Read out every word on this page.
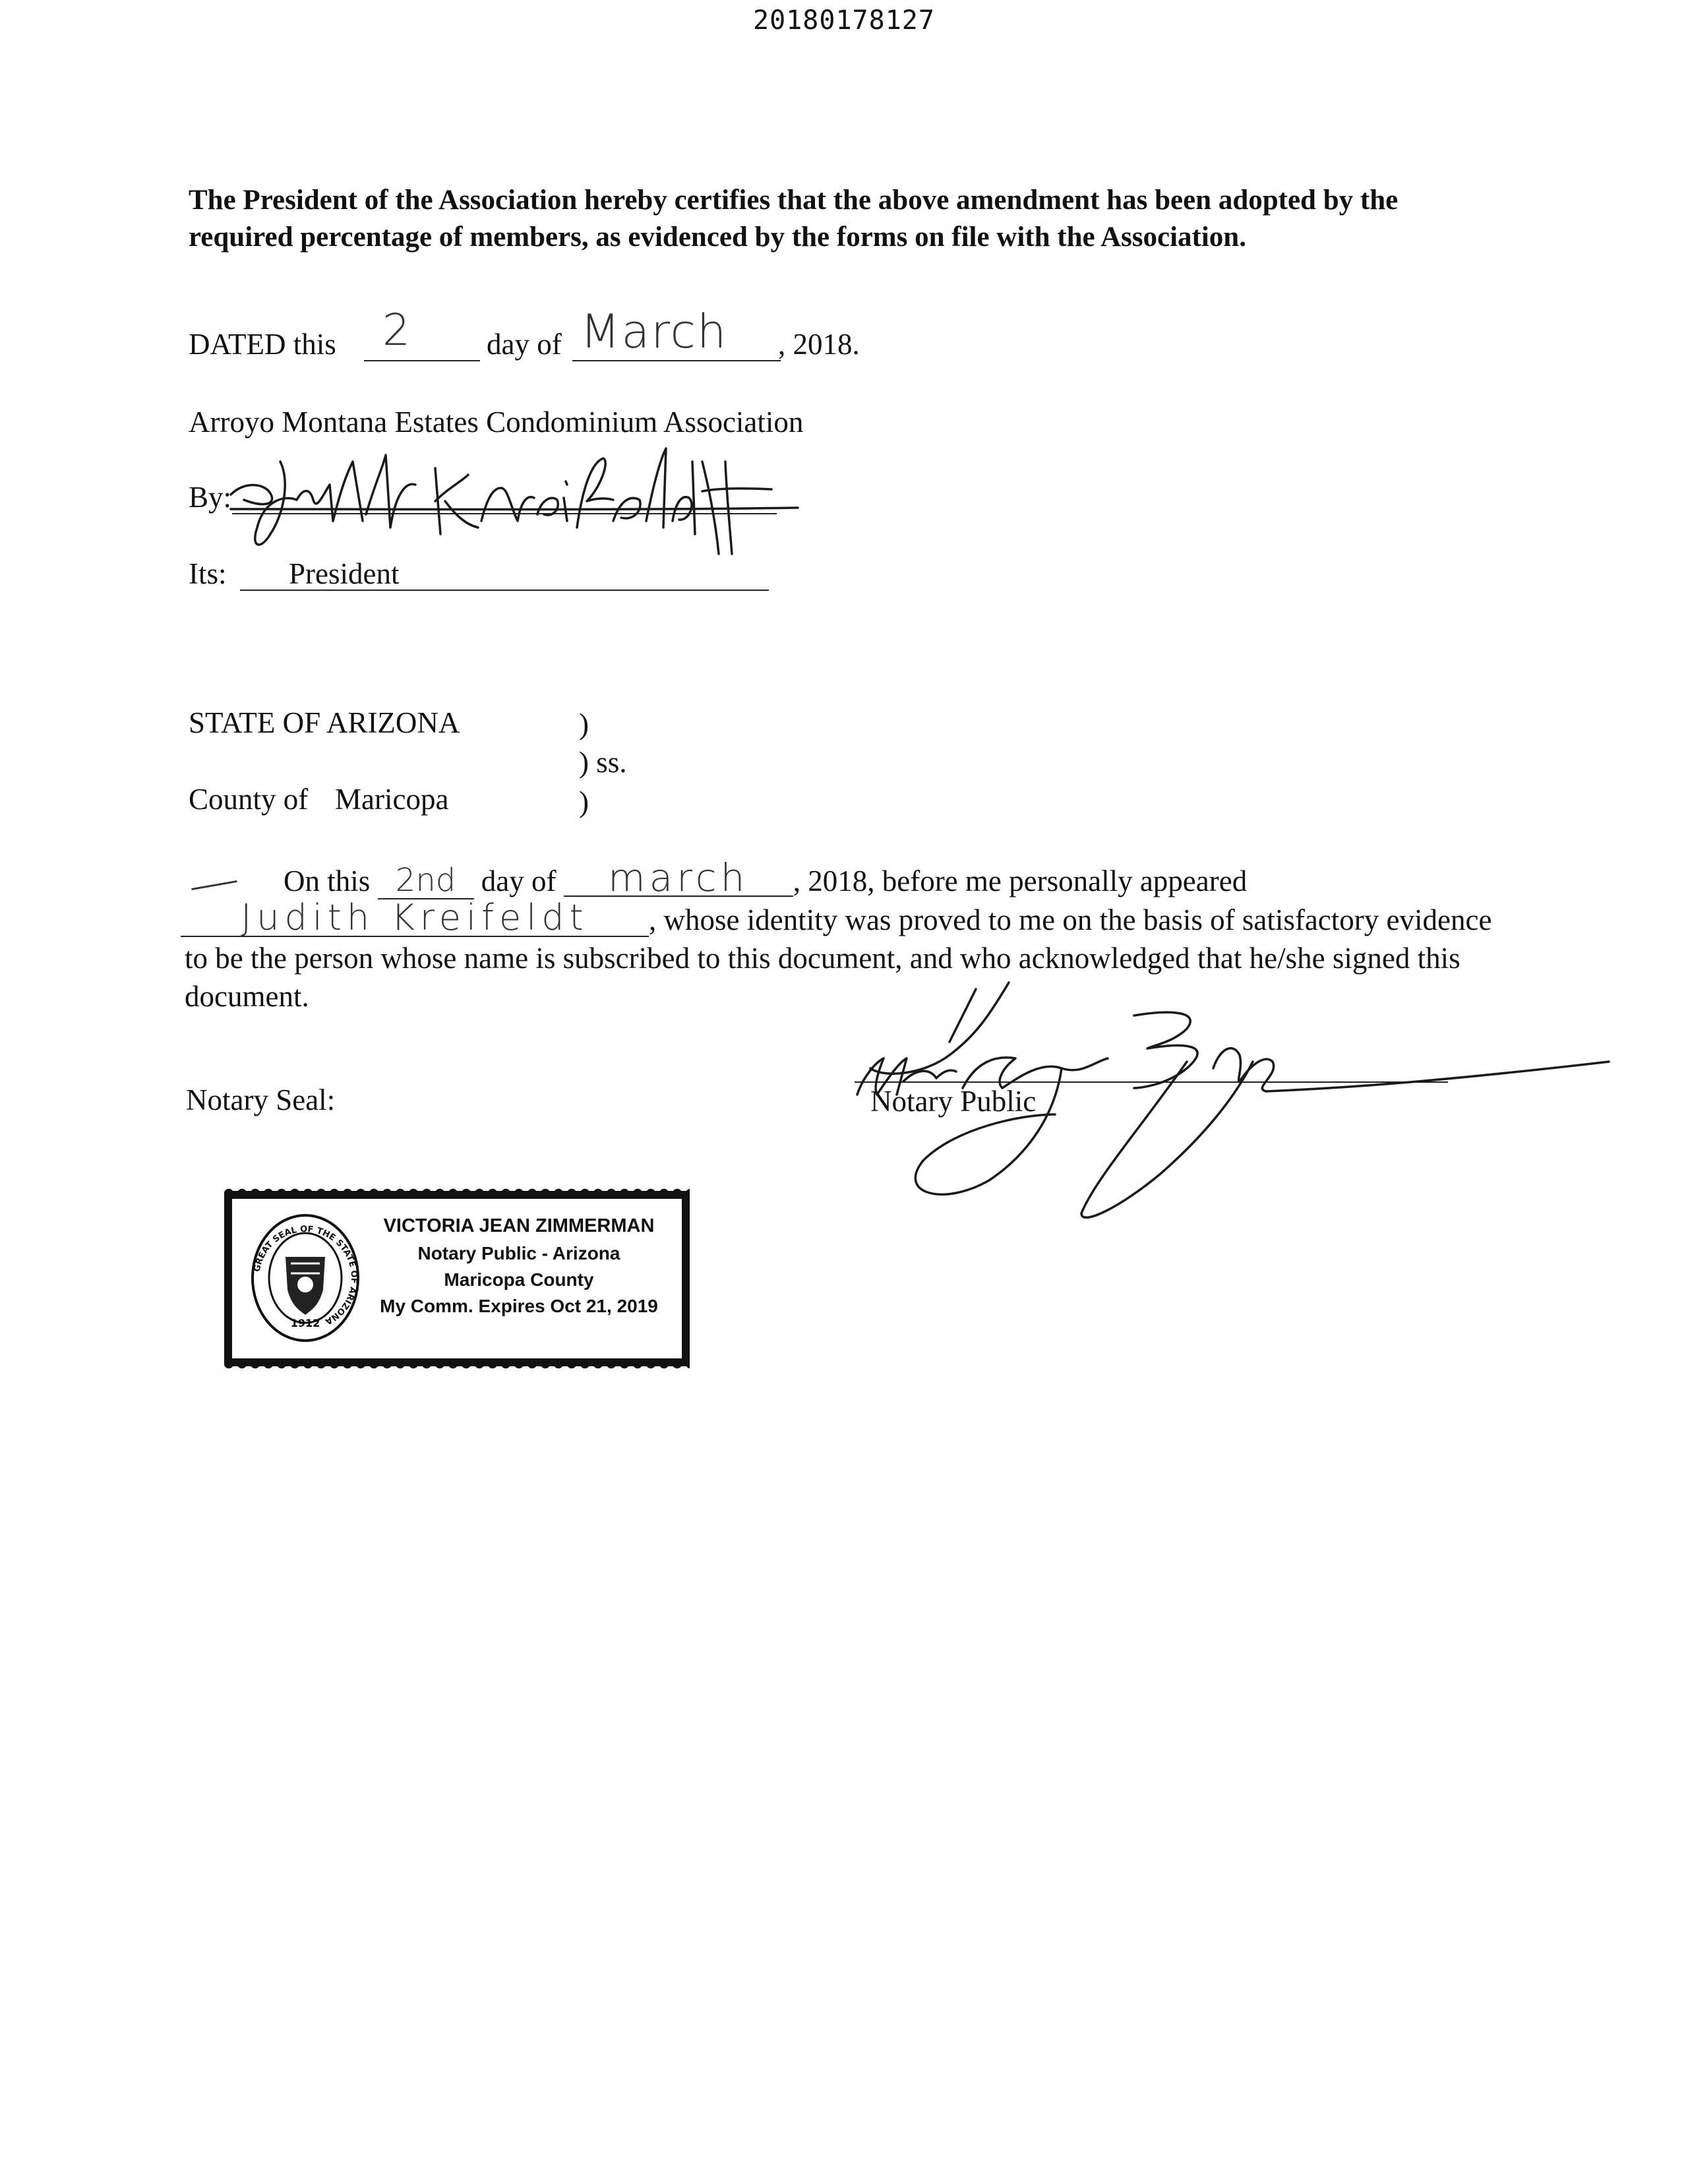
20180178127
The President of the Association hereby certifies that the above amendment has been adopted by the required percentage of members, as evidenced by the forms on file with the Association.
DATED this 2	day of March , 2018.
Arroyo Montana Estates Condominium Association
By:
Its: President
STATE OF ARIZONA	)
) ss.
County of Maricopa	)
On this 2nd day of march , 2018, before me personally appeared
Judith Kreifeldt , whose identity was proved to me on the basis of satisfactory evidence to be the person whose name is subscribed to this document, and who acknowledged that he/she signed this document.
Notary Seal:	Notary Public
1912
GREAT SEAL OF THE STATE OF ARIZONA
VICTORIA JEAN ZIMMERMAN
Notary Public - Arizona
Maricopa County
My Comm. Expires Oct 21, 2019
